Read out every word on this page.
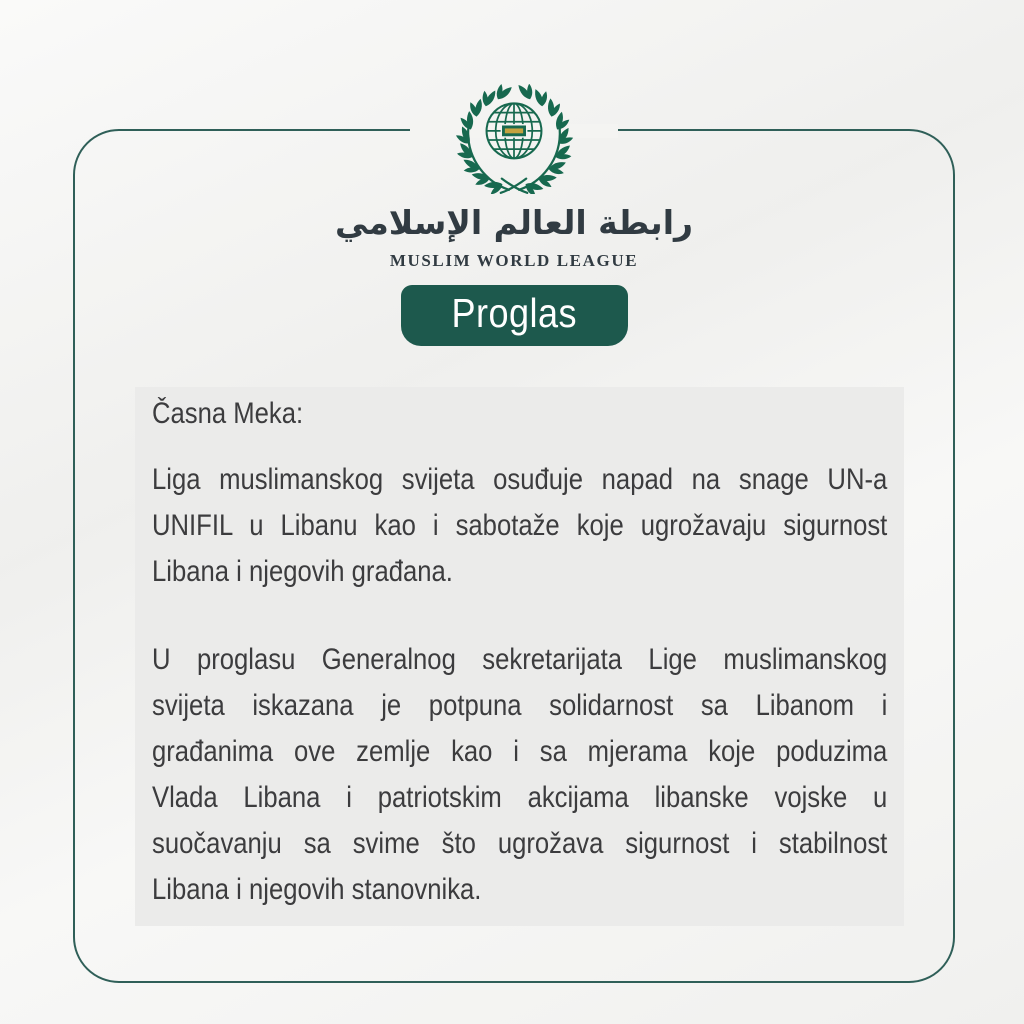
رابطة العالم الإسلامي
MUSLIM WORLD LEAGUE
Proglas
Časna Meka:
Liga muslimanskog svijeta osuđuje napad na snage UN-a
UNIFIL u Libanu kao i sabotaže koje ugrožavaju sigurnost
Libana i njegovih građana.
U proglasu Generalnog sekretarijata Lige muslimanskog
svijeta iskazana je potpuna solidarnost sa Libanom i
građanima ove zemlje kao i sa mjerama koje poduzima
Vlada Libana i patriotskim akcijama libanske vojske u
suočavanju sa svime što ugrožava sigurnost i stabilnost
Libana i njegovih stanovnika.
